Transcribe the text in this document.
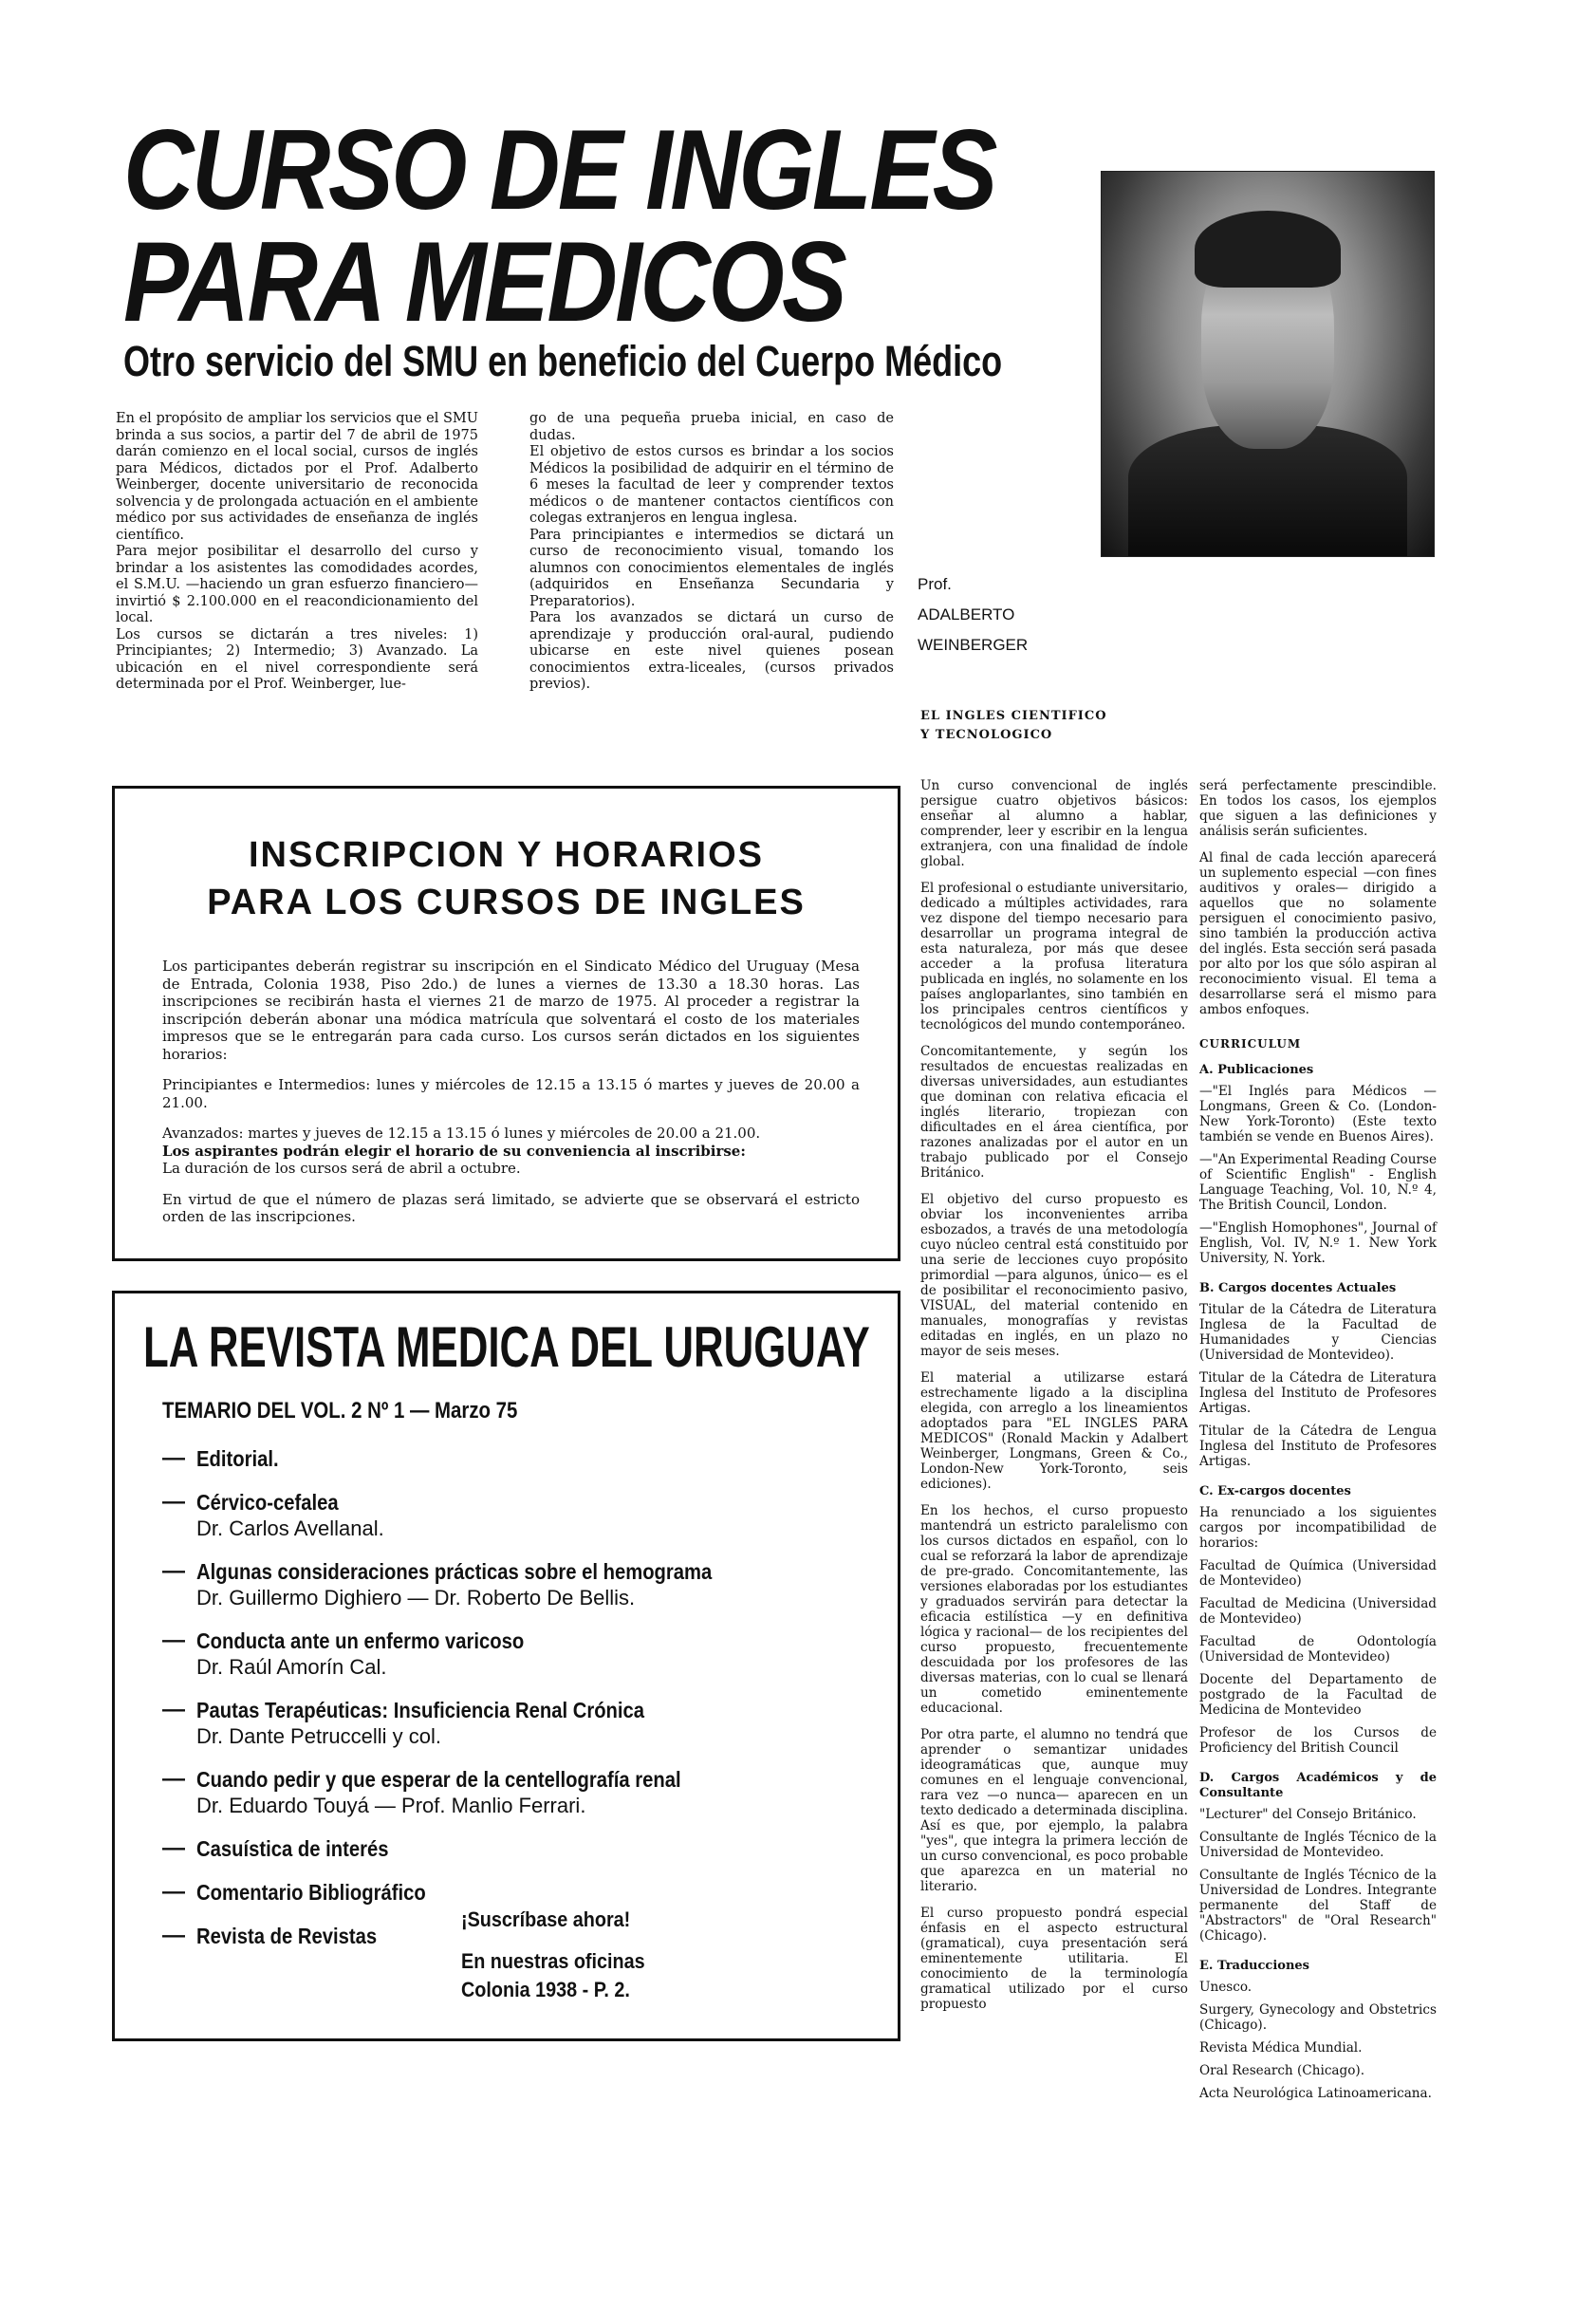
CURSO DE INGLES
PARA MEDICOS
Otro servicio del SMU en beneficio del Cuerpo Médico
Prof.
ADALBERTO
WEINBERGER

En el propósito de ampliar los servicios que el SMU brinda a sus socios, a partir del 7 de abril de 1975 darán comienzo en el local social, cursos de inglés para Médicos, dictados por el Prof. Adalberto Weinberger, docente universitario de reconocida solvencia y de prolongada actuación en el ambiente médico por sus actividades de enseñanza de inglés científico.

Para mejor posibilitar el desarrollo del curso y brindar a los asistentes las comodidades acordes, el S.M.U. —haciendo un gran esfuerzo financiero— invirtió $ 2.100.000 en el reacondicionamiento del local.

Los cursos se dictarán a tres niveles: 1) Principiantes; 2) Intermedio; 3) Avanzado. La ubicación en el nivel correspondiente será determinada por el Prof. Weinberger, lue-

go de una pequeña prueba inicial, en caso de dudas.

El objetivo de estos cursos es brindar a los socios Médicos la posibilidad de adquirir en el término de 6 meses la facultad de leer y comprender textos médicos o de mantener contactos científicos con colegas extranjeros en lengua inglesa.

Para principiantes e intermedios se dictará un curso de reconocimiento visual, tomando los alumnos con conocimientos elementales de inglés (adquiridos en Enseñanza Secundaria y Preparatorios).

Para los avanzados se dictará un curso de aprendizaje y producción oral-aural, pudiendo ubicarse en este nivel quienes posean conocimientos extra-liceales, (cursos privados previos).

EL INGLES CIENTIFICO
Y TECNOLOGICO
INSCRIPCION Y HORARIOS
PARA LOS CURSOS DE INGLES

Los participantes deberán registrar su inscripción en el Sindicato Médico del Uruguay (Mesa de Entrada, Colonia 1938, Piso 2do.) de lunes a viernes de 13.30 a 18.30 horas. Las inscripciones se recibirán hasta el viernes 21 de marzo de 1975. Al proceder a registrar la inscripción deberán abonar una módica matrícula que solventará el costo de los materiales impresos que se le entregarán para cada curso. Los cursos serán dictados en los siguientes horarios:

Principiantes e Intermedios: lunes y miércoles de 12.15 a 13.15 ó martes y jueves de 20.00 a 21.00.

Avanzados: martes y jueves de 12.15 a 13.15 ó lunes y miércoles de 20.00 a 21.00.
Los aspirantes podrán elegir el horario de su conveniencia al inscribirse:
La duración de los cursos será de abril a octubre.

En virtud de que el número de plazas será limitado, se advierte que se observará el estricto orden de las inscripciones.

LA REVISTA MEDICA DEL URUGUAY
TEMARIO DEL VOL. 2 Nº 1 — Marzo 75
— Editorial.
— Cérvico-cefalea
Dr. Carlos Avellanal.
— Algunas consideraciones prácticas sobre el hemograma
Dr. Guillermo Dighiero — Dr. Roberto De Bellis.
— Conducta ante un enfermo varicoso
Dr. Raúl Amorín Cal.
— Pautas Terapéuticas: Insuficiencia Renal Crónica
Dr. Dante Petruccelli y col.
— Cuando pedir y que esperar de la centellografía renal
Dr. Eduardo Touyá — Prof. Manlio Ferrari.
— Casuística de interés
— Comentario Bibliográfico
— Revista de Revistas
¡Suscríbase ahora!
En nuestras oficinas
Colonia 1938 - P. 2.

Un curso convencional de inglés persigue cuatro objetivos básicos: enseñar al alumno a hablar, comprender, leer y escribir en la lengua extranjera, con una finalidad de índole global.

El profesional o estudiante universitario, dedicado a múltiples actividades, rara vez dispone del tiempo necesario para desarrollar un programa integral de esta naturaleza, por más que desee acceder a la profusa literatura publicada en inglés, no solamente en los países angloparlantes, sino también en los principales centros científicos y tecnológicos del mundo contemporáneo.

Concomitantemente, y según los resultados de encuestas realizadas en diversas universidades, aun estudiantes que dominan con relativa eficacia el inglés literario, tropiezan con dificultades en el área científica, por razones analizadas por el autor en un trabajo publicado por el Consejo Británico.

El objetivo del curso propuesto es obviar los inconvenientes arriba esbozados, a través de una metodología cuyo núcleo central está constituido por una serie de lecciones cuyo propósito primordial —para algunos, único— es el de posibilitar el reconocimiento pasivo, VISUAL, del material contenido en manuales, monografías y revistas editadas en inglés, en un plazo no mayor de seis meses.

El material a utilizarse estará estrechamente ligado a la disciplina elegida, con arreglo a los lineamientos adoptados para "EL INGLES PARA MEDICOS" (Ronald Mackin y Adalbert Weinberger, Longmans, Green & Co., London-New York-Toronto, seis ediciones).

En los hechos, el curso propuesto mantendrá un estricto paralelismo con los cursos dictados en español, con lo cual se reforzará la labor de aprendizaje de pre-grado. Concomitantemente, las versiones elaboradas por los estudiantes y graduados servirán para detectar la eficacia estilística —y en definitiva lógica y racional— de los recipientes del curso propuesto, frecuentemente descuidada por los profesores de las diversas materias, con lo cual se llenará un cometido eminentemente educacional.

Por otra parte, el alumno no tendrá que aprender o semantizar unidades ideogramáticas que, aunque muy comunes en el lenguaje convencional, rara vez —o nunca— aparecen en un texto dedicado a determinada disciplina. Así es que, por ejemplo, la palabra "yes", que integra la primera lección de un curso convencional, es poco probable que aparezca en un material no literario.

El curso propuesto pondrá especial énfasis en el aspecto estructural (gramatical), cuya presentación será eminentemente utilitaria. El conocimiento de la terminología gramatical utilizado por el curso propuesto

será perfectamente prescindible. En todos los casos, los ejemplos que siguen a las definiciones y análisis serán suficientes.

Al final de cada lección aparecerá un suplemento especial —con fines auditivos y orales— dirigido a aquellos que no solamente persiguen el conocimiento pasivo, sino también la producción activa del inglés. Esta sección será pasada por alto por los que sólo aspiran al reconocimiento visual. El tema a desarrollarse será el mismo para ambos enfoques.

CURRICULUM
A. Publicaciones

—"El Inglés para Médicos — Longmans, Green & Co. (London-New York-Toronto) (Este texto también se vende en Buenos Aires).

—"An Experimental Reading Course of Scientific English" - English Language Teaching, Vol. 10, N.º 4, The British Council, London.

—"English Homophones", Journal of English, Vol. IV, N.º 1. New York University, N. York.

B. Cargos docentes Actuales

Titular de la Cátedra de Literatura Inglesa de la Facultad de Humanidades y Ciencias (Universidad de Montevideo).

Titular de la Cátedra de Literatura Inglesa del Instituto de Profesores Artigas.

Titular de la Cátedra de Lengua Inglesa del Instituto de Profesores Artigas.

C. Ex-cargos docentes

Ha renunciado a los siguientes cargos por incompatibilidad de horarios:

Facultad de Química (Universidad de Montevideo)

Facultad de Medicina (Universidad de Montevideo)

Facultad de Odontología (Universidad de Montevideo)

Docente del Departamento de postgrado de la Facultad de Medicina de Montevideo

Profesor de los Cursos de Proficiency del British Council

D. Cargos Académicos y de Consultante

"Lecturer" del Consejo Británico.

Consultante de Inglés Técnico de la Universidad de Montevideo.

Consultante de Inglés Técnico de la Universidad de Londres. Integrante permanente del Staff de "Abstractors" de "Oral Research" (Chicago).

E. Traducciones

Unesco.

Surgery, Gynecology and Obstetrics (Chicago).

Revista Médica Mundial.

Oral Research (Chicago).

Acta Neurológica Latinoamericana.
